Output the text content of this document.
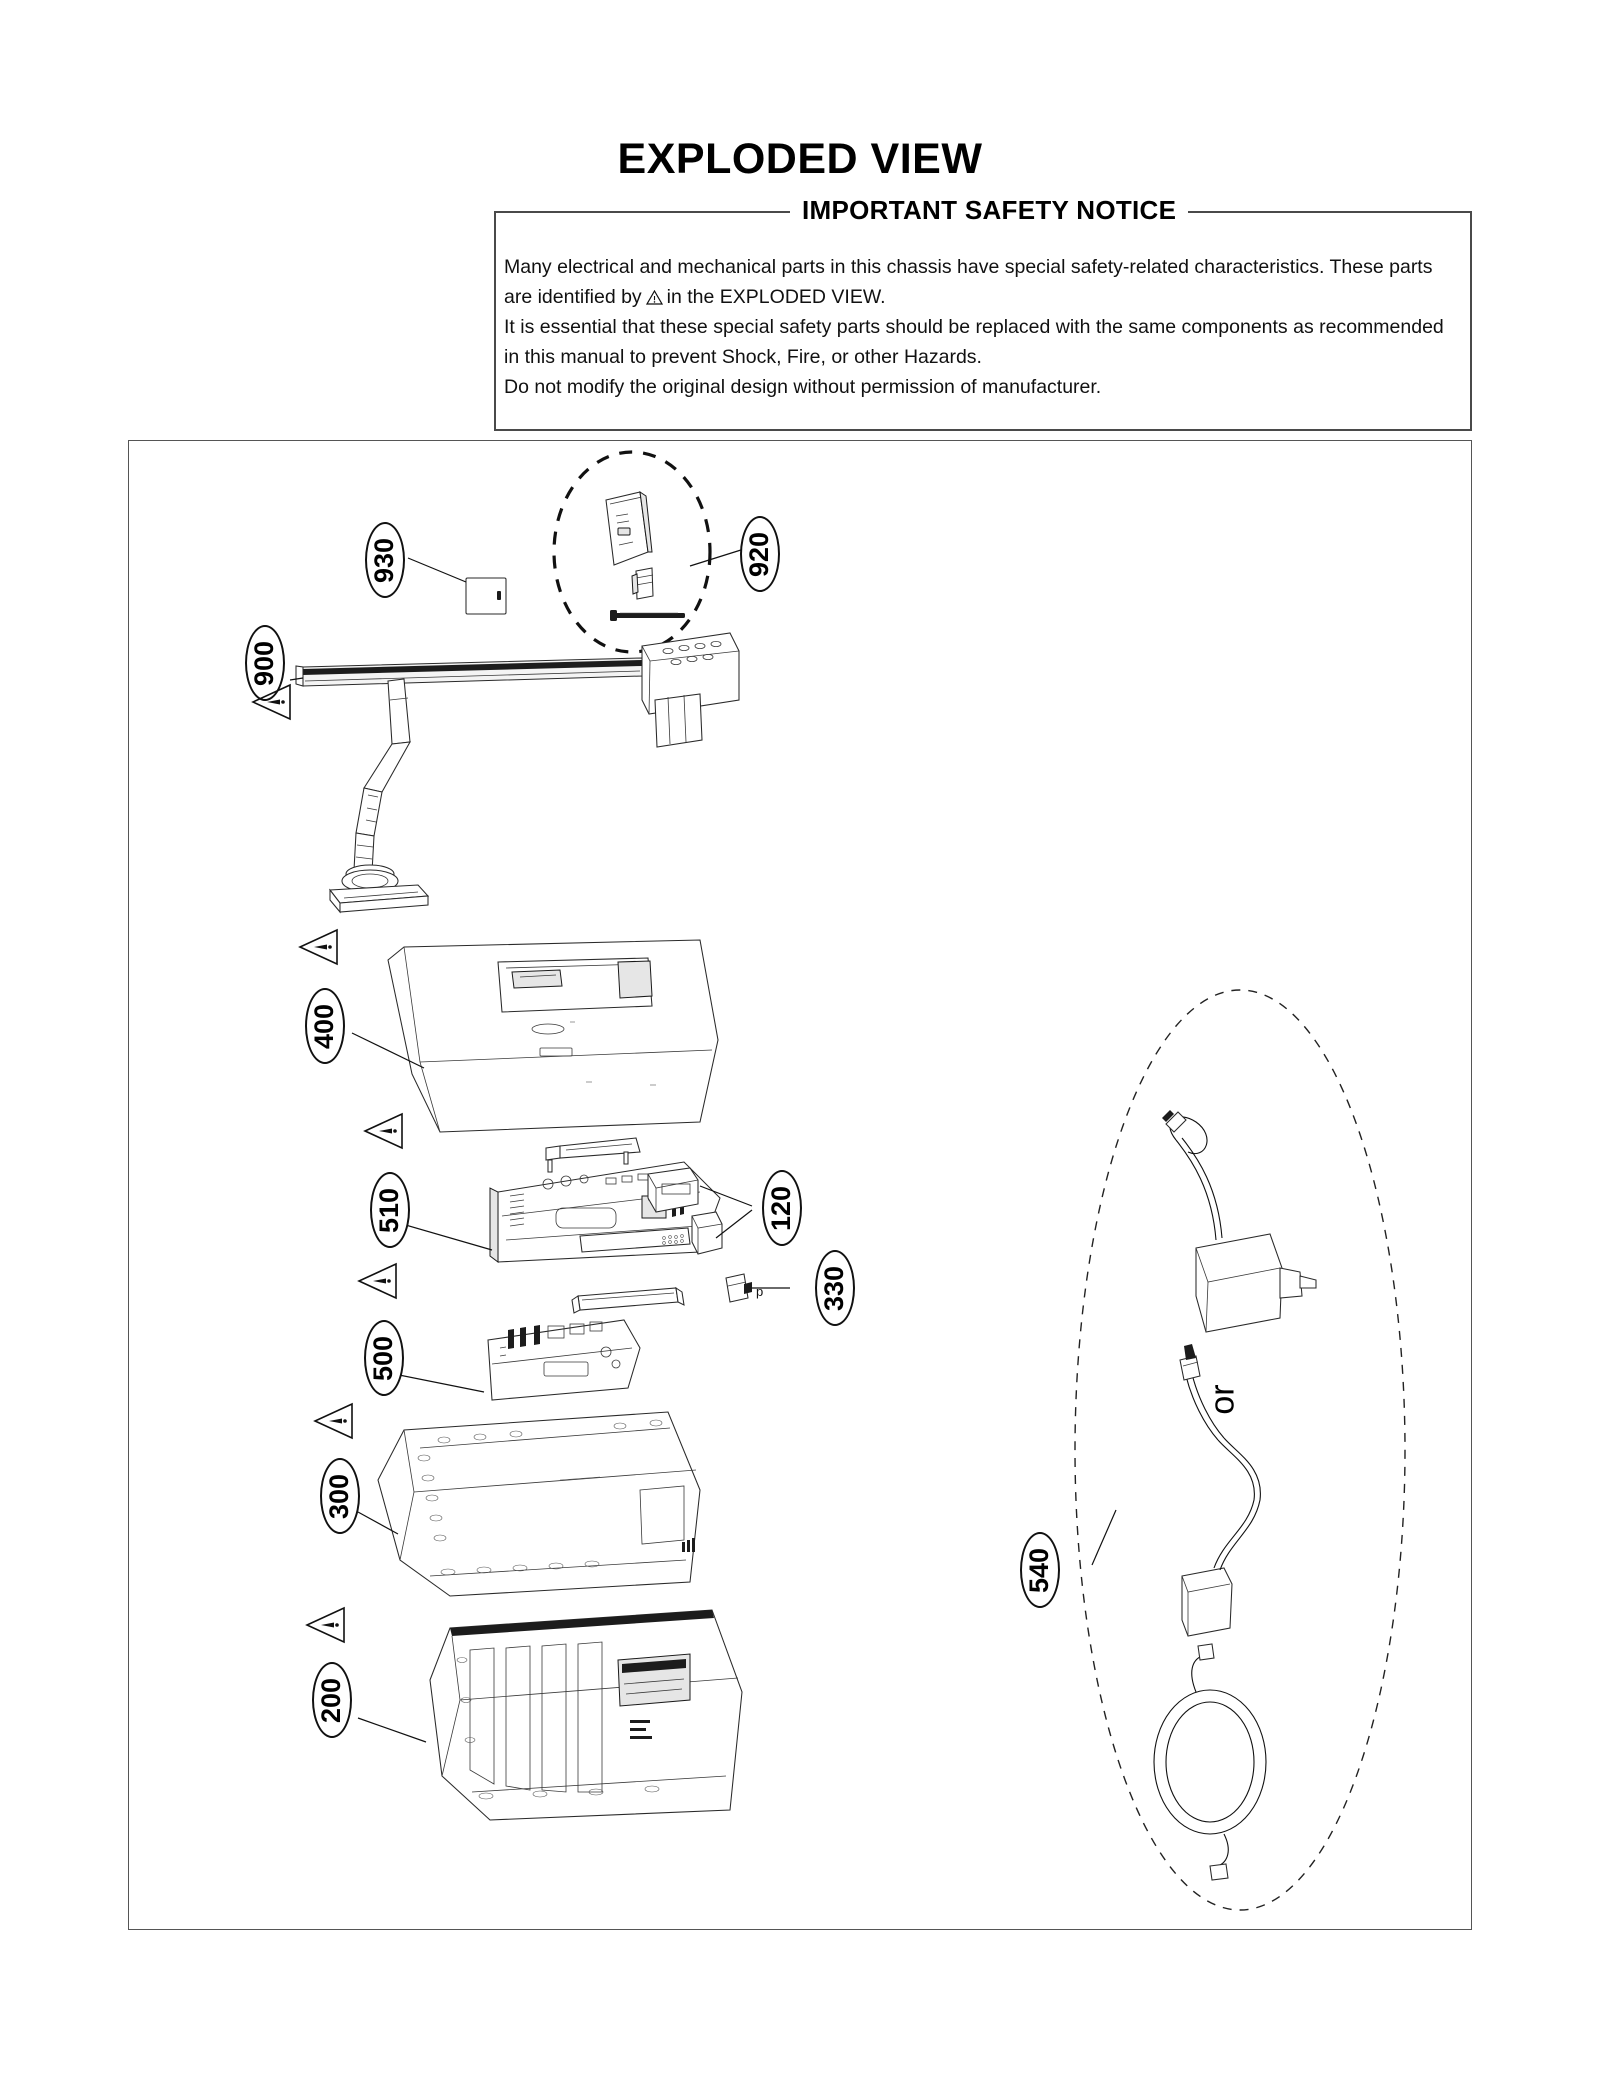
EXPLODED VIEW
IMPORTANT SAFETY NOTICE
Many electrical and mechanical parts in this chassis have special safety-related characteristics. These parts
are identified by in the EXPLODED VIEW.
It is essential that these special safety parts should be replaced with the same components as recommended
in this manual to prevent Shock, Fire, or other Hazards.
Do not modify the original design without permission of manufacturer.
p
930	920
900
400
510	120
330
500
300
200
540
or
